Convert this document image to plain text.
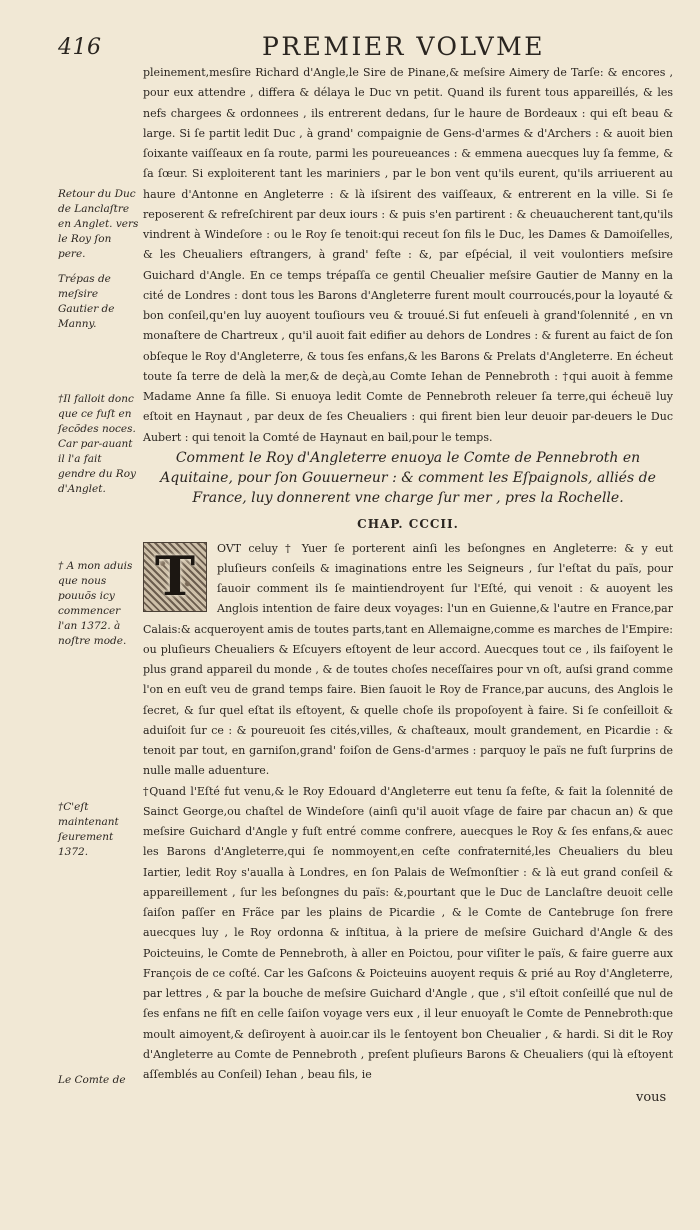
416	PREMIER VOLVME
Retour du Duc de Lanclaſtre en Anglet. vers le Roy ſon pere.
Trépas de meſsire Gautier de Manny.
†Il falloit donc que ce fuſt en ſecõdes noces. Car par-auant il l'a fait gendre du Roy d'Anglet.
† A mon aduis que nous pouuõs icy commencer l'an 1372. à noſtre mode.
†C'eſt maintenant ſeurement 1372.
Le Comte de

pleinement,mesſire Richard d'Angle,le Sire de Pinane,& meſsire Aimery de Tarſe: & encores , pour eux attendre , differa & délaya le Duc vn petit. Quand ils furent tous appareillés, & les nefs chargees & ordonnees , ils entrerent dedans, ſur le haure de Bordeaux : qui eſt beau & large. Si ſe partit ledit Duc , à grand' compaignie de Gens-d'armes & d'Archers : & auoit bien ſoixante vaiſſeaux en ſa route, parmi les poureueances : & emmena auecques luy ſa femme, & ſa ſœur. Si exploiterent tant les mariniers , par le bon vent qu'ils eurent, qu'ils arriuerent au haure d'Antonne en Angleterre : & là iſsirent des vaiſſeaux, & entrerent en la ville. Si ſe reposerent & refreſchirent par deux iours : & puis s'en partirent : & cheuaucherent tant,qu'ils vindrent à Windeſore : ou le Roy ſe tenoit:qui receut ſon fils le Duc, les Dames & Damoiſelles, & les Cheualiers eſtrangers, à grand' feſte : &, par eſpécial, il veit voulontiers meſsire Guichard d'Angle. En ce temps trépaſſa ce gentil Cheualier meſsire Gautier de Manny en la cité de Londres : dont tous les Barons d'Angleterre furent moult courroucés,pour la loyauté & bon conſeil,qu'en luy auoyent touſiours veu & trouué.Si fut enſeueli à grand'ſolennité , en vn monaſtere de Chartreux , qu'il auoit fait edifier au dehors de Londres : & furent au faict de ſon obſeque le Roy d'Angleterre, & tous ſes enfans,& les Barons & Prelats d'Angleterre. En écheut toute ſa terre de delà la mer,& de deçà,au Comte Iehan de Pennebroth : †qui auoit à femme Madame Anne ſa fille. Si enuoya ledit Comte de Pennebroth releuer ſa terre,qui écheuë luy eſtoit en Haynaut , par deux de ſes Cheualiers : qui firent bien leur deuoir par-deuers le Duc Aubert : qui tenoit la Comté de Haynaut en bail,pour le temps.

Comment le Roy d'Angleterre enuoya le Comte de Pennebroth en Aquitaine, pour ſon Gouuerneur : & comment les Eſpaignols, alliés de France, luy donnerent vne charge ſur mer , pres la Rochelle.
CHAP. CCCII.
T	OVT celuy † Yuer ſe porterent ainſi les beſongnes en Angleterre: & y eut pluſieurs conſeils & imaginations entre les Seigneurs , ſur l'eſtat du païs, pour ſauoir comment ils ſe maintiendroyent ſur l'Eſté, qui venoit : & auoyent les Anglois intention de faire deux voyages: l'un en Guienne,& l'autre en France,par Calais:& acqueroyent amis de toutes parts,tant en Allemaigne,comme es marches de l'Empire: ou pluſieurs Cheualiers & Eſcuyers eſtoyent de leur accord. Auecques tout ce , ils faiſoyent le plus grand appareil du monde , & de toutes choſes neceſſaires pour vn oſt, auſsi grand comme l'on en euſt veu de grand temps faire. Bien ſauoit le Roy de France,par aucuns, des Anglois le ſecret, & ſur quel eſtat ils eſtoyent, & quelle choſe ils propoſoyent à faire. Si ſe conſeilloit & aduiſoit ſur ce : & poureuoit ſes cités,villes, & chaſteaux, moult grandement, en Picardie : & tenoit par tout, en garniſon,grand' foiſon de Gens-d'armes : parquoy le païs ne fuſt ſurprins de nulle malle aduenture.

†Quand l'Eſté fut venu,& le Roy Edouard d'Angleterre eut tenu ſa feſte, & fait la ſolennité de Sainct George,ou chaſtel de Windeſore (ainſi qu'il auoit vſage de faire par chacun an) & que meſsire Guichard d'Angle y fuſt entré comme confrere, auecques le Roy & ſes enfans,& auec les Barons d'Angleterre,qui ſe nommoyent,en ceſte confraternité,les Cheualiers du bleu Iartier, ledit Roy s'aualla à Londres, en ſon Palais de Weſmonſtier : & là eut grand conſeil & appareillement , ſur les beſongnes du païs: &,pourtant que le Duc de Lanclaſtre deuoit celle ſaiſon paſſer en Frãce par les plains de Picardie , & le Comte de Cantebruge ſon frere auecques luy , le Roy ordonna & inſtitua, à la priere de meſsire Guichard d'Angle & des Poicteuins, le Comte de Pennebroth, à aller en Poictou, pour viſiter le païs, & faire guerre aux François de ce coſté. Car les Gaſcons & Poicteuins auoyent requis & prié au Roy d'Angleterre, par lettres , & par la bouche de meſsire Guichard d'Angle , que , s'il eſtoit conſeillé que nul de ſes enfans ne fiſt en celle ſaiſon voyage vers eux , il leur enuoyaſt le Comte de Pennebroth:que moult aimoyent,& deſiroyent à auoir.car ils le ſentoyent bon Cheualier , & hardi. Si dit le Roy d'Angleterre au Comte de Pennebroth , preſent pluſieurs Barons & Cheualiers (qui là eſtoyent aſſemblés au Conſeil) Iehan , beau fils, ie

vous
